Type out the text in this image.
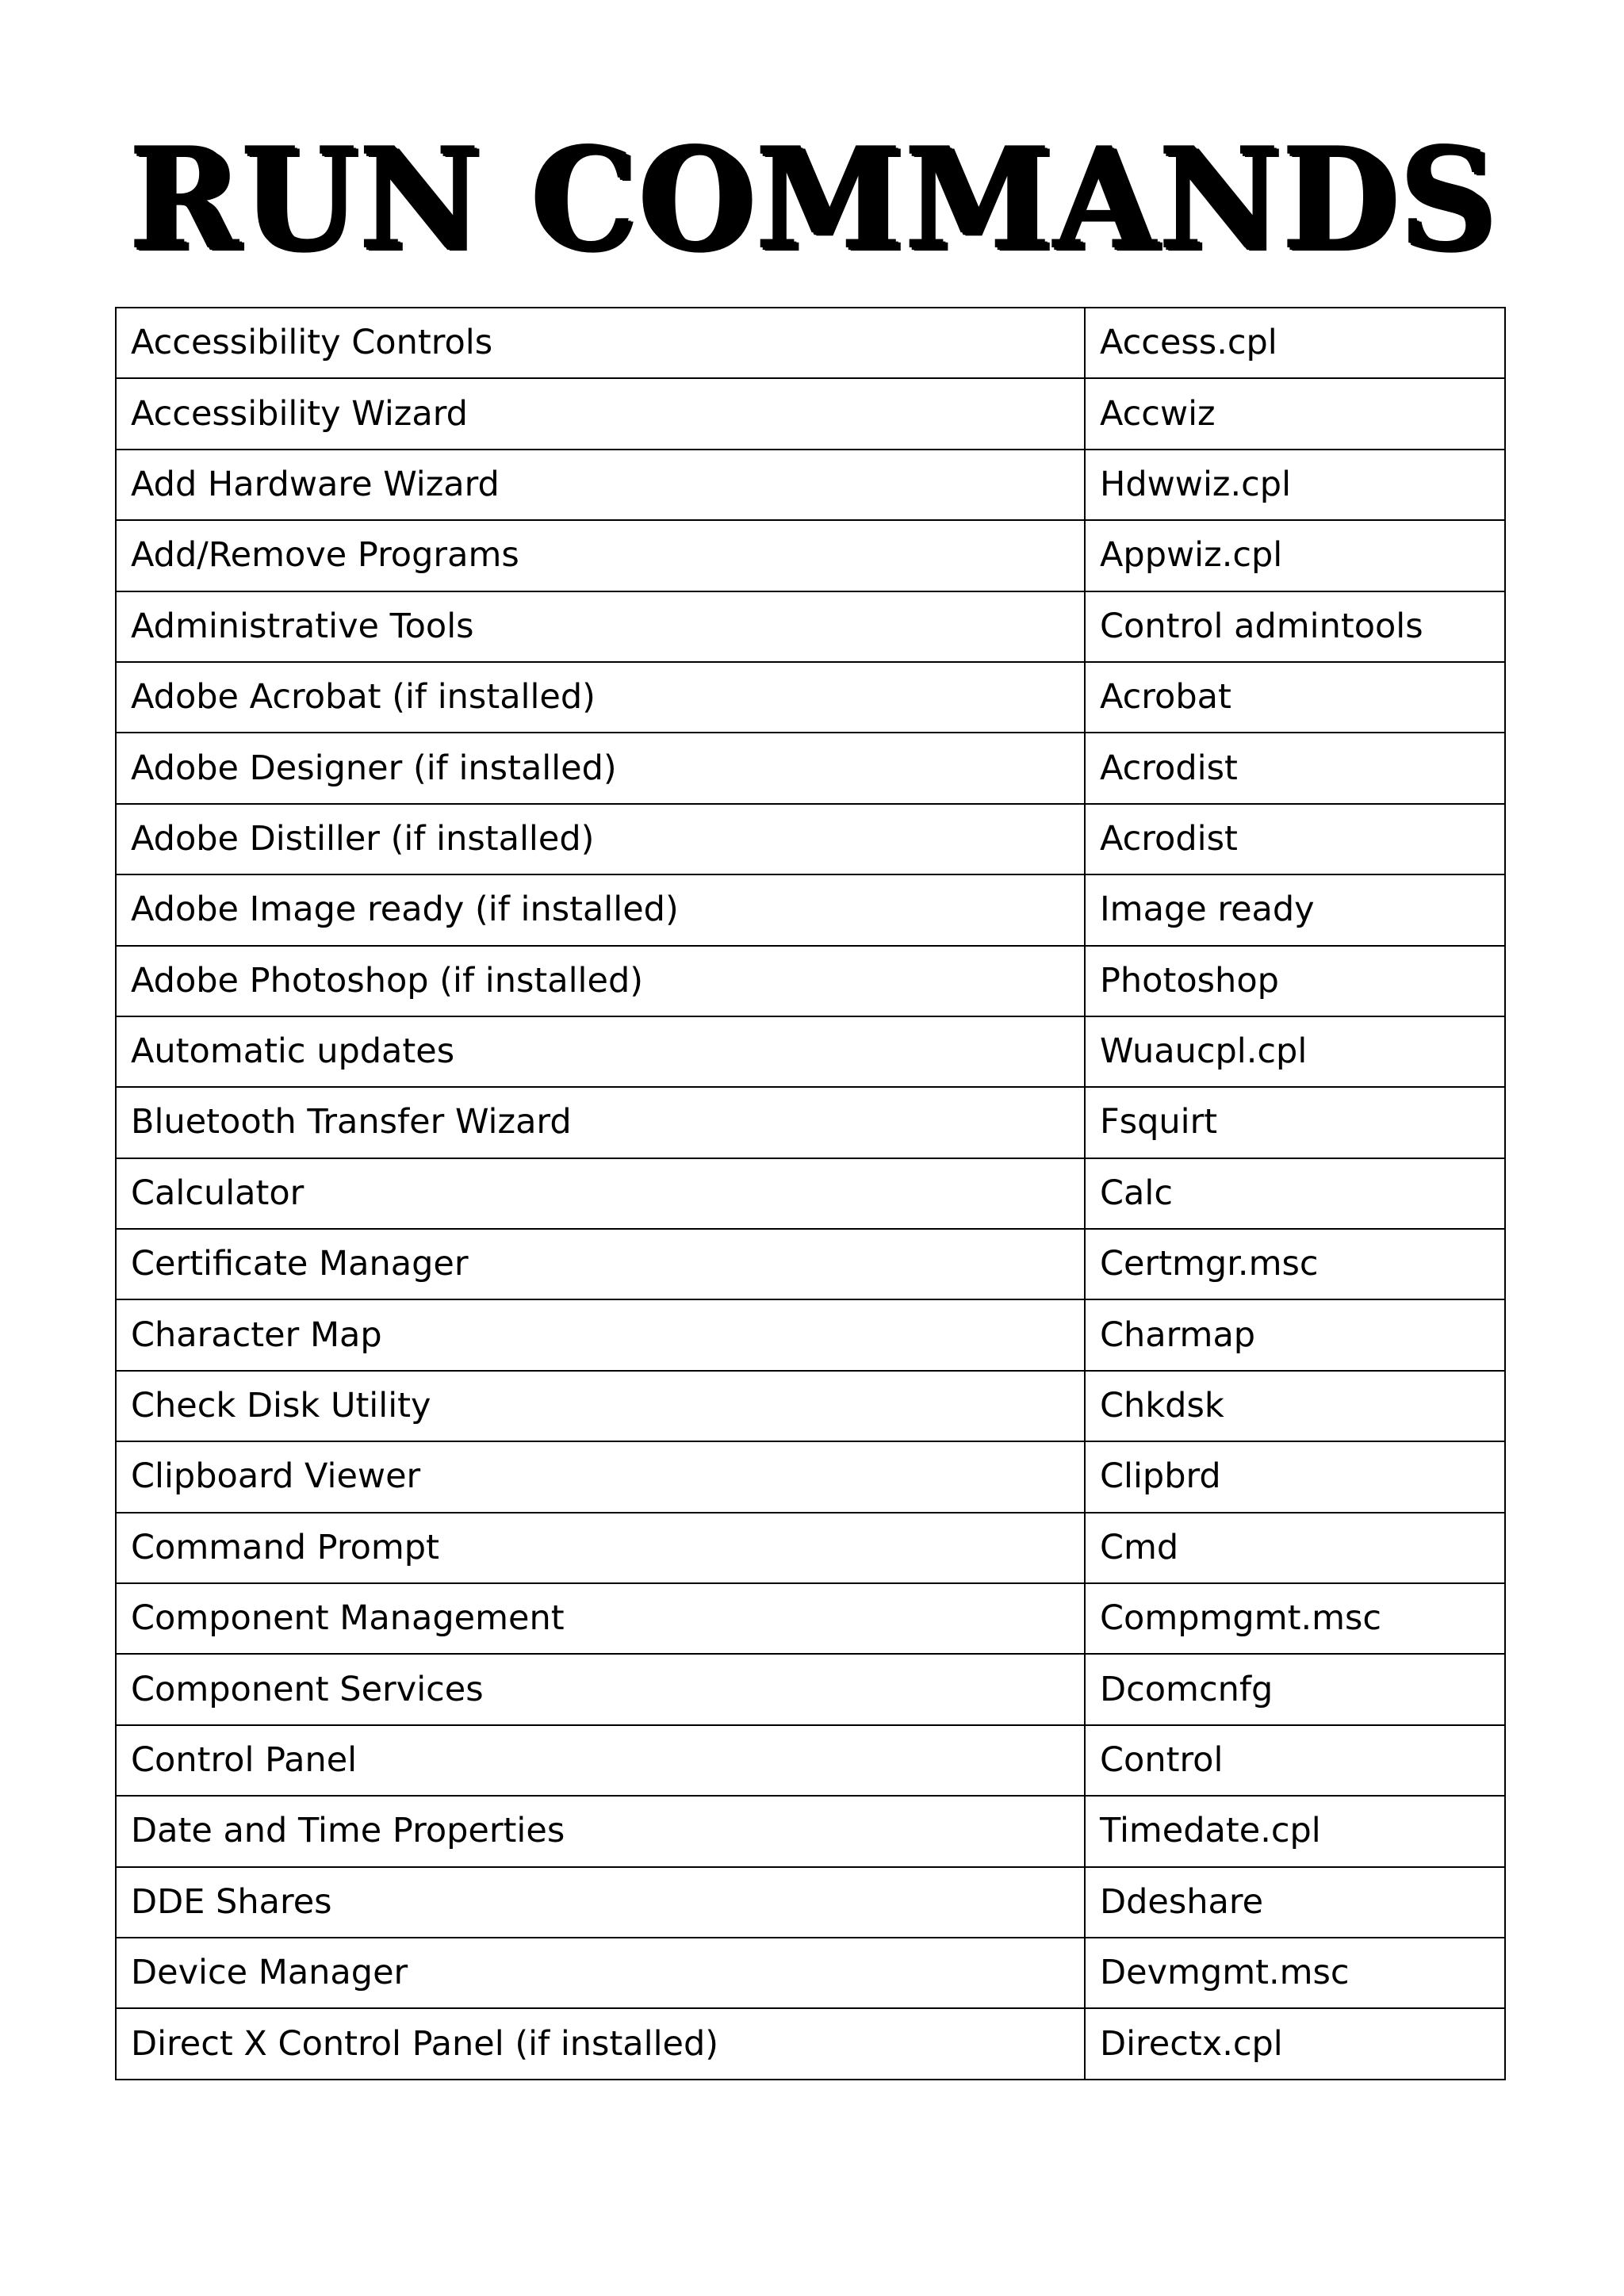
RUN COMMANDS
Accessibility Controls	Access.cpl
Accessibility Wizard	Accwiz
Add Hardware Wizard	Hdwwiz.cpl
Add/Remove Programs	Appwiz.cpl
Administrative Tools	Control admintools
Adobe Acrobat (if installed)	Acrobat
Adobe Designer (if installed)	Acrodist
Adobe Distiller (if installed)	Acrodist
Adobe Image ready (if installed)	Image ready
Adobe Photoshop (if installed)	Photoshop
Automatic updates	Wuaucpl.cpl
Bluetooth Transfer Wizard	Fsquirt
Calculator	Calc
Certificate Manager	Certmgr.msc
Character Map	Charmap
Check Disk Utility	Chkdsk
Clipboard Viewer	Clipbrd
Command Prompt	Cmd
Component Management	Compmgmt.msc
Component Services	Dcomcnfg
Control Panel	Control
Date and Time Properties	Timedate.cpl
DDE Shares	Ddeshare
Device Manager	Devmgmt.msc
Direct X Control Panel (if installed)	Directx.cpl
